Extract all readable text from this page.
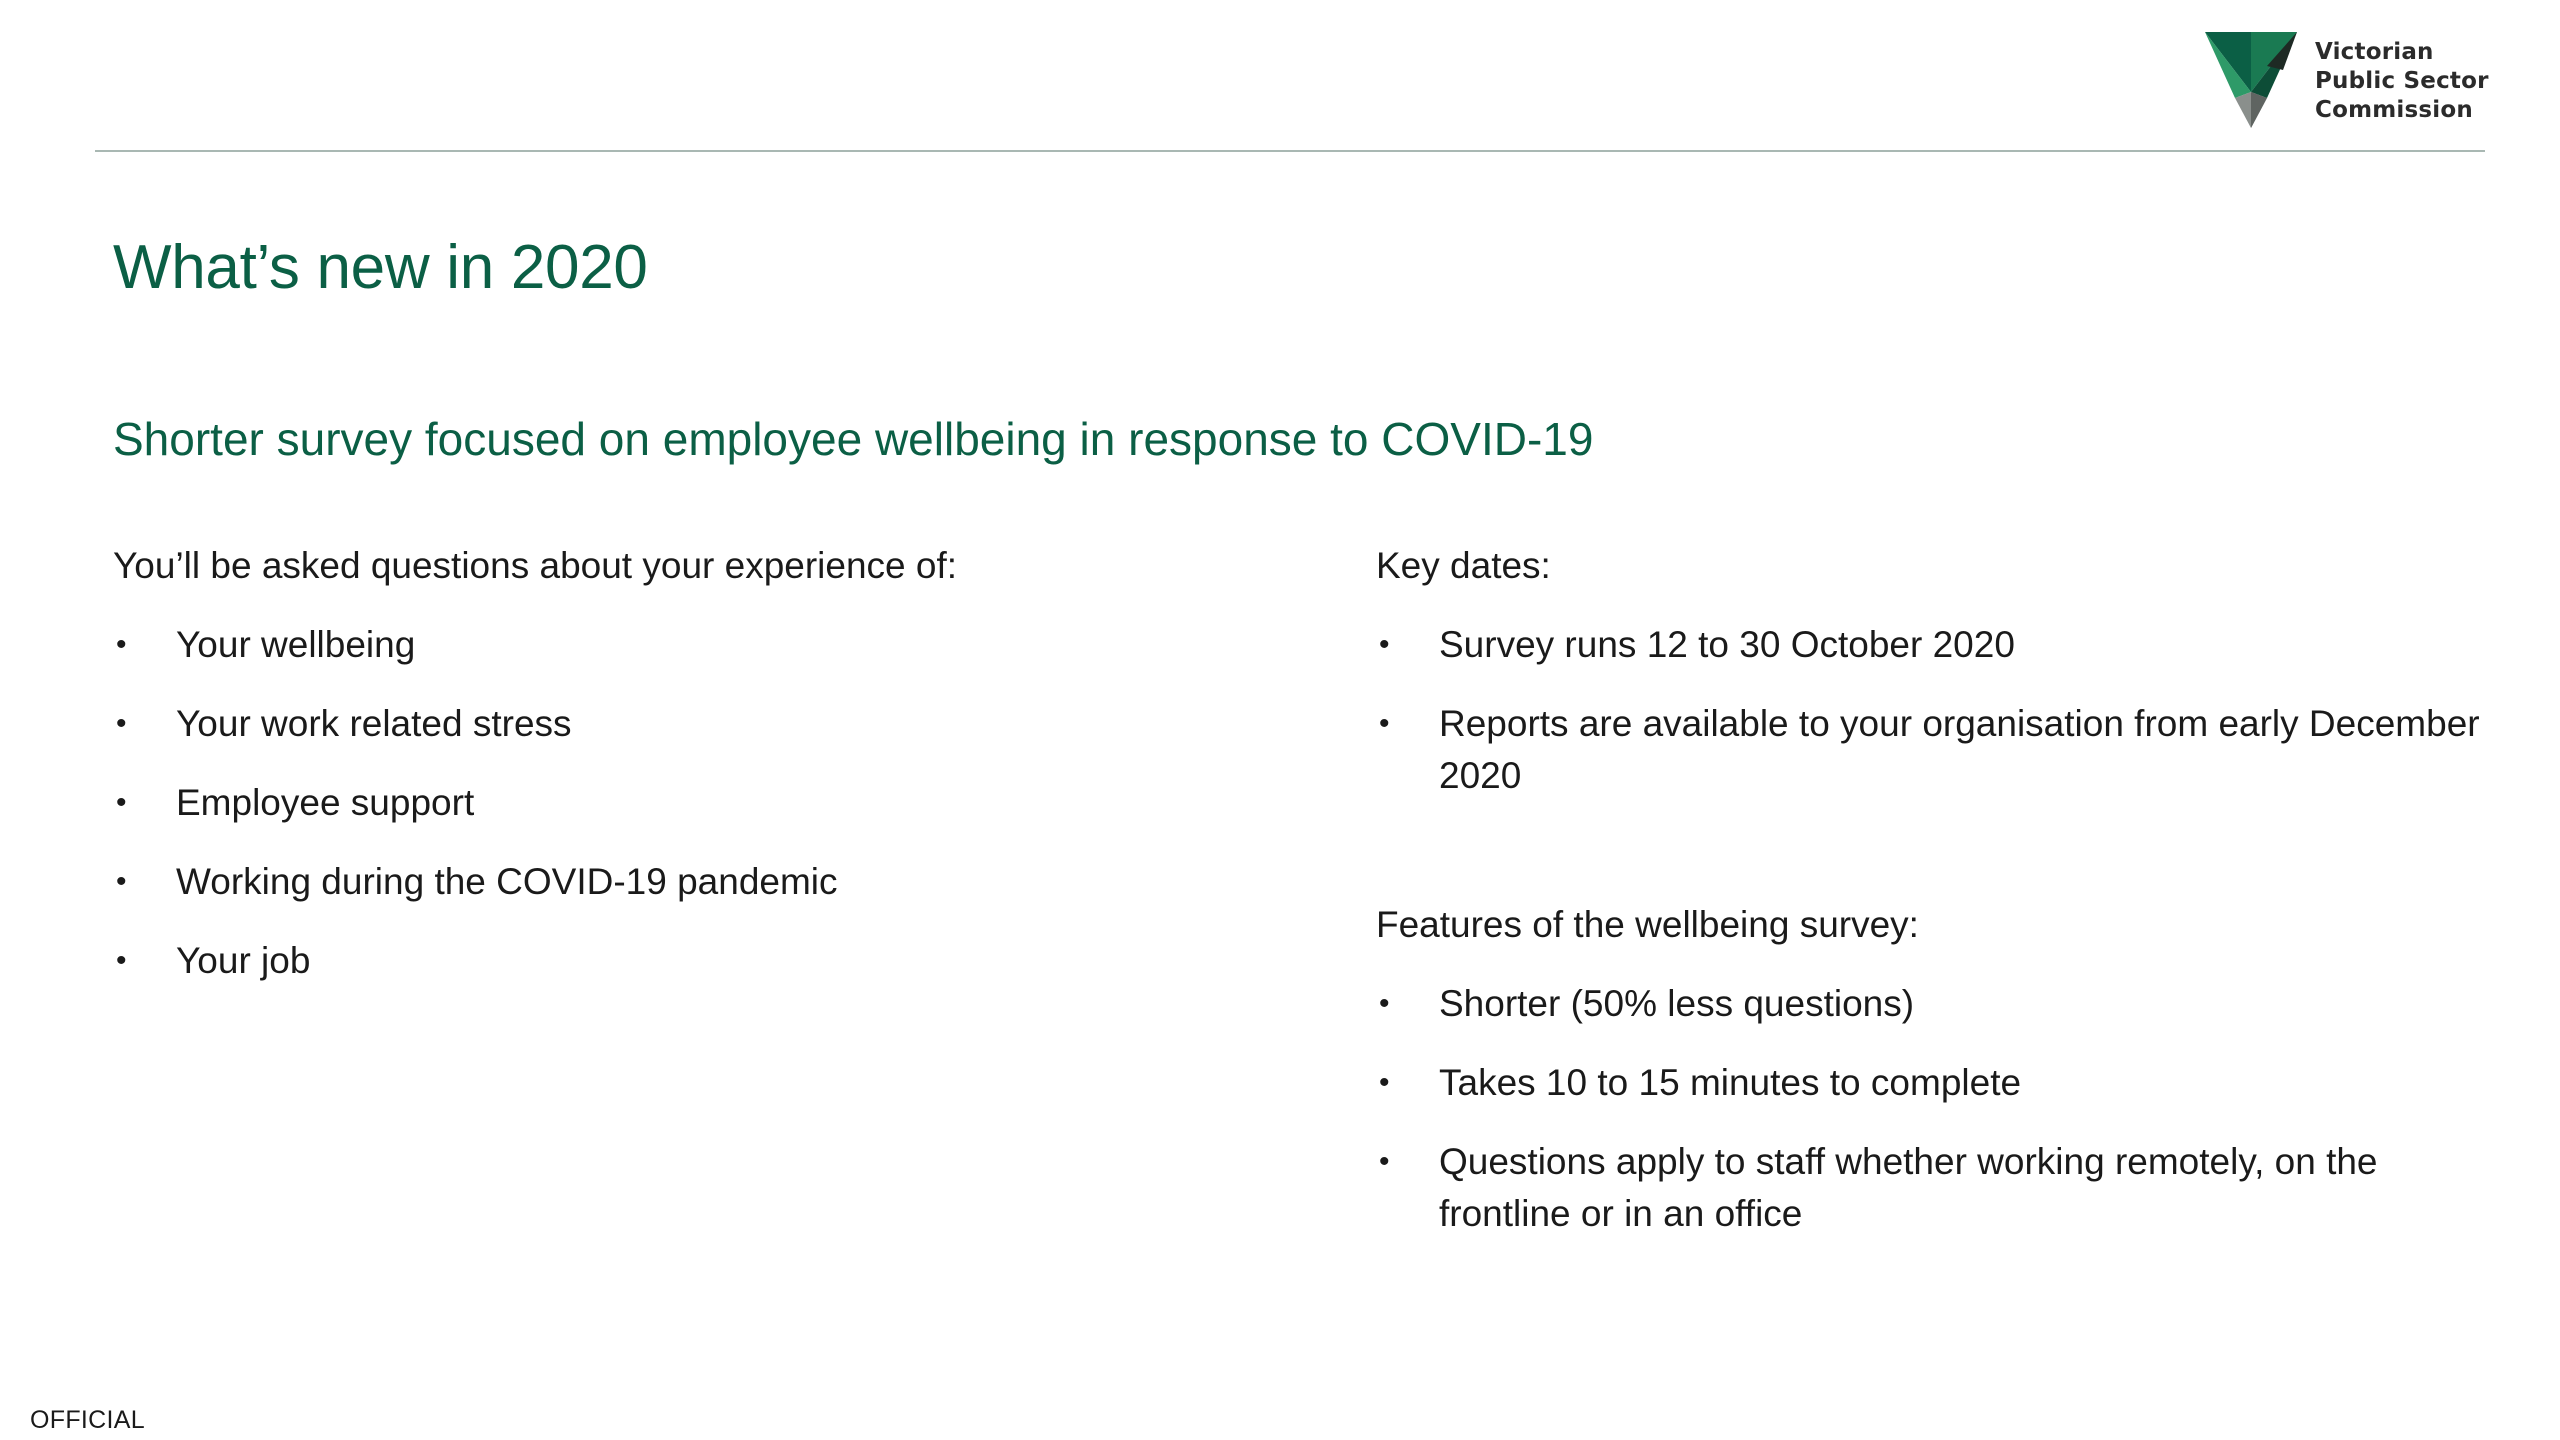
Victorian
Public Sector
Commission
What’s new in 2020
Shorter survey focused on employee wellbeing in response to COVID-19
You’ll be asked questions about your experience of:
• Your wellbeing
• Your work related stress
• Employee support
• Working during the COVID-19 pandemic
• Your job
Key dates:
• Survey runs 12 to 30 October 2020
• Reports are available to your organisation from early December 2020
Features of the wellbeing survey:
• Shorter (50% less questions)
• Takes 10 to 15 minutes to complete
• Questions apply to staff whether working remotely, on the frontline or in an office
OFFICIAL
